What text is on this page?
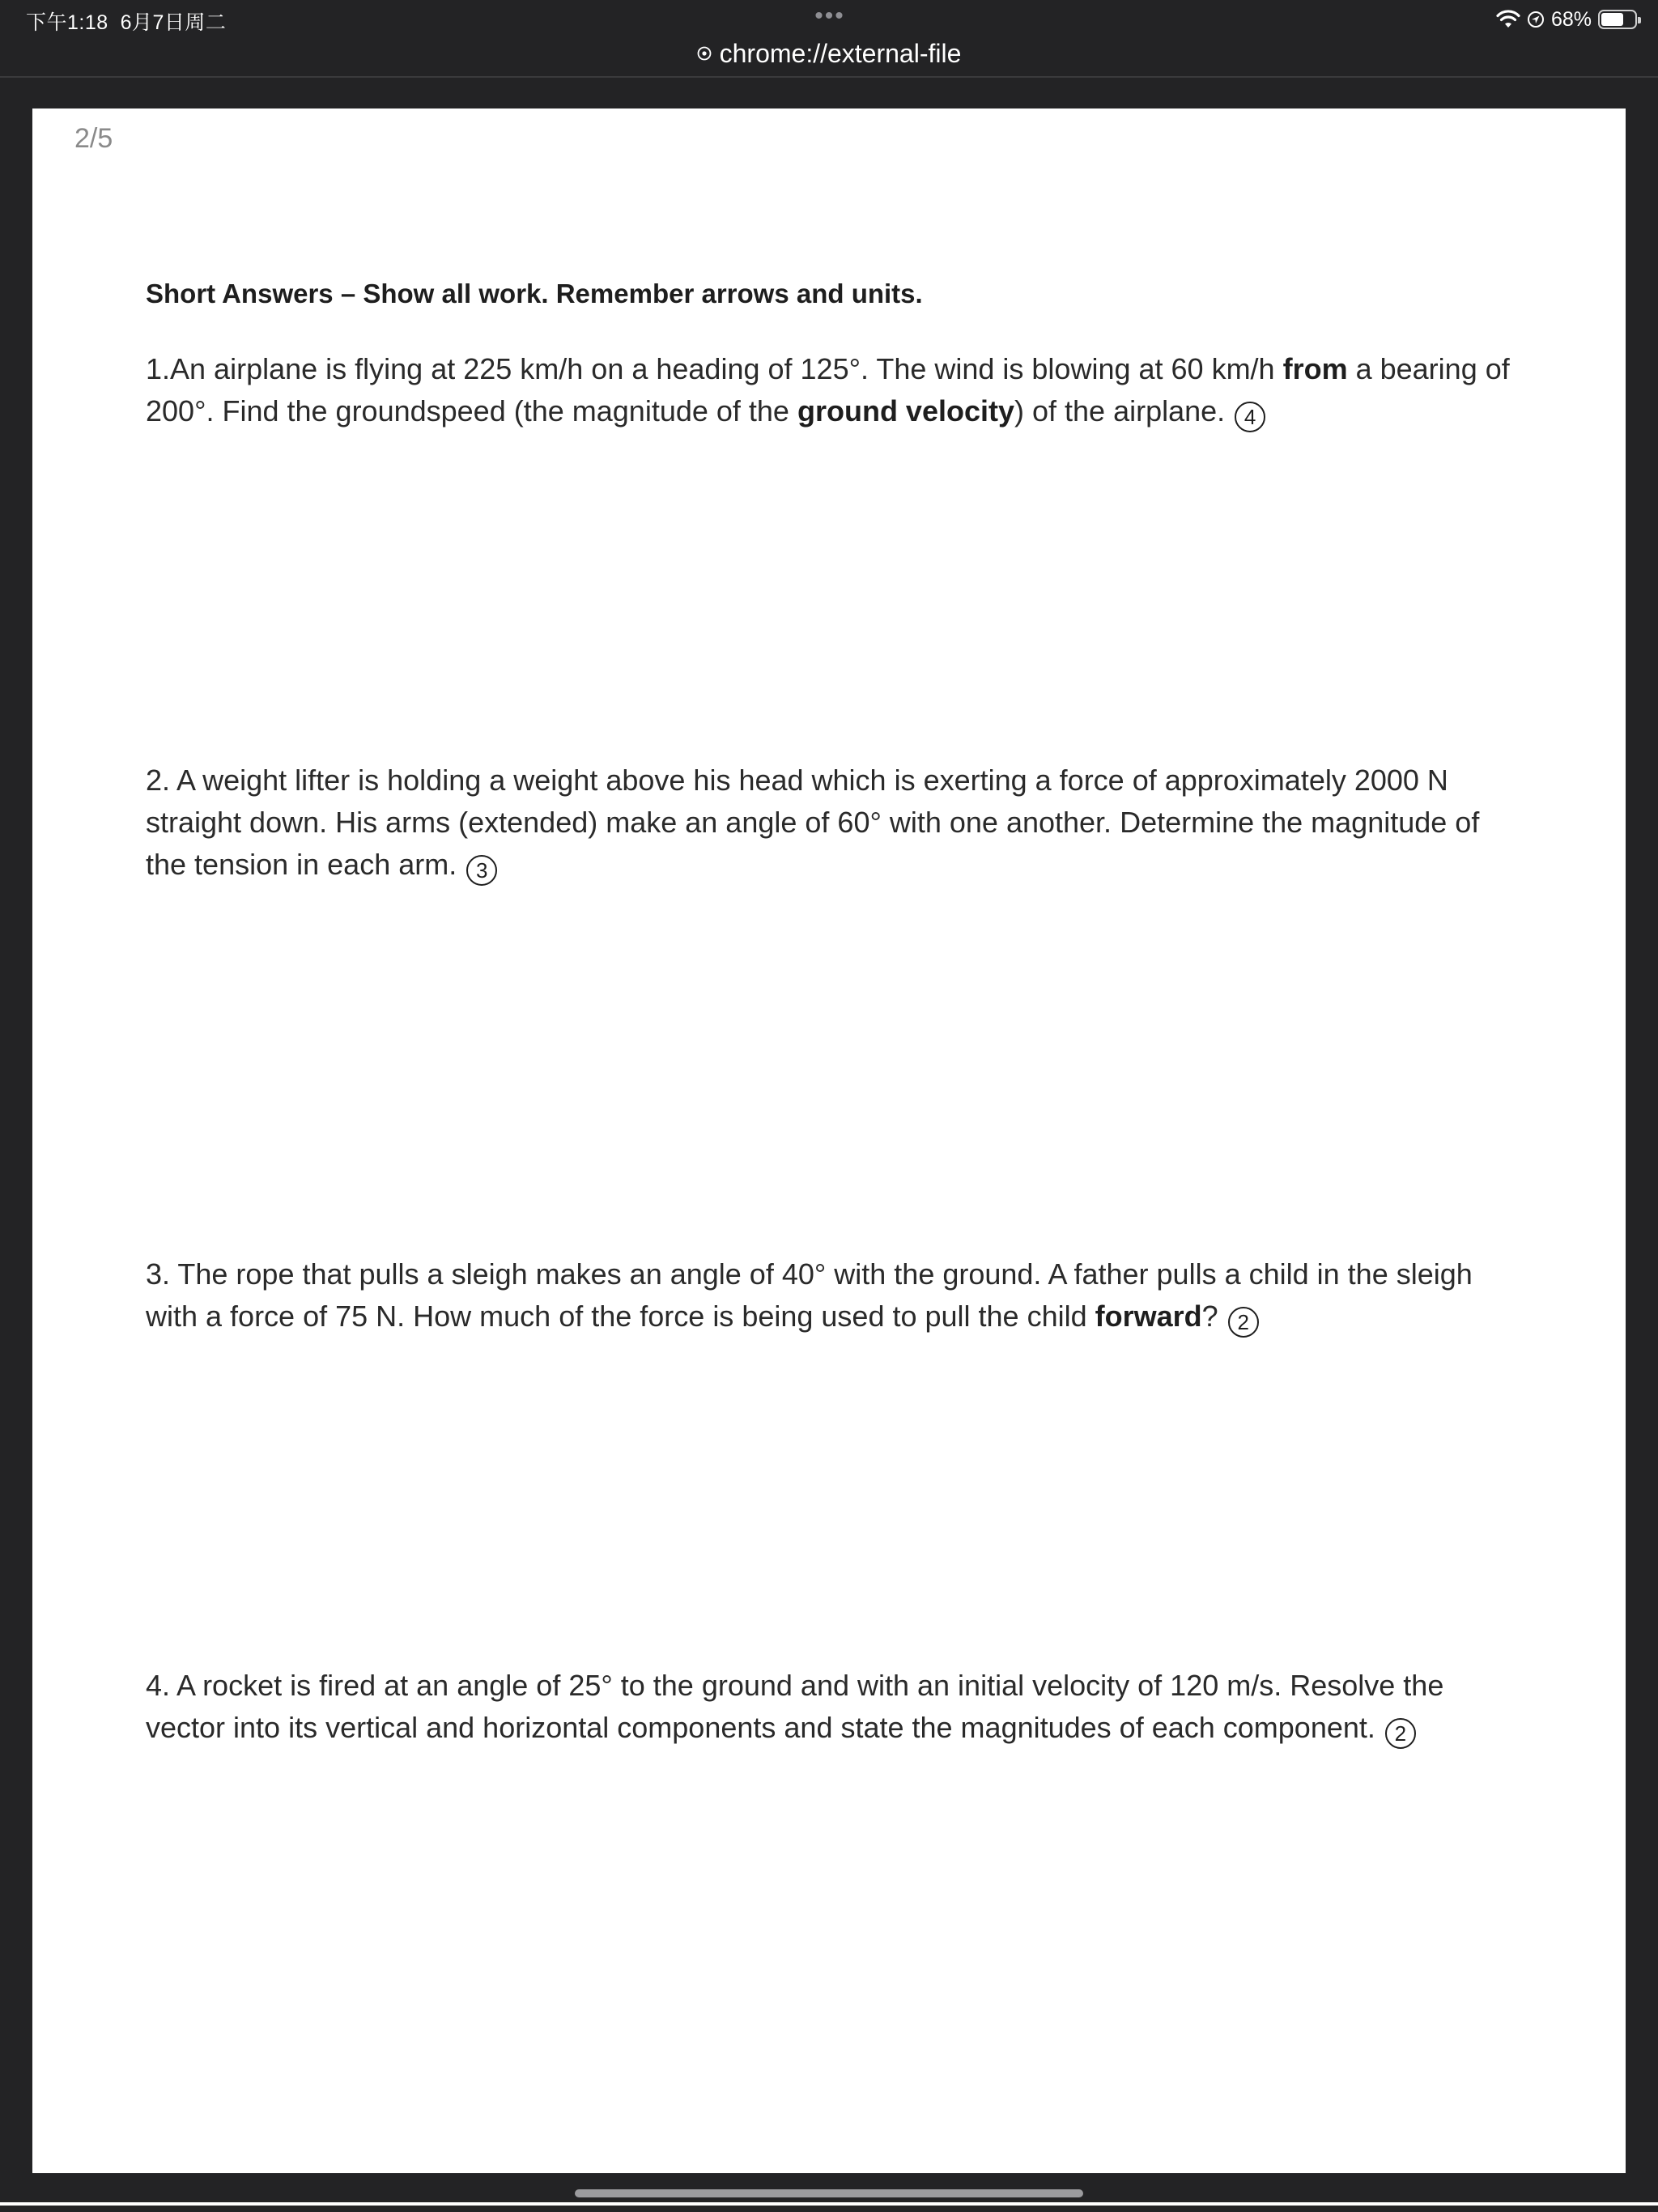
下午1:18 6月7日周二	•••	68%
chrome://external-file
2/5
Short Answers – Show all work. Remember arrows and units.
1.An airplane is flying at 225 km/h on a heading of 125°. The wind is blowing at 60 km/h from a bearing of 200°. Find the groundspeed (the magnitude of the ground velocity) of the airplane. 4
2. A weight lifter is holding a weight above his head which is exerting a force of approximately 2000 N straight down. His arms (extended) make an angle of 60° with one another. Determine the magnitude of the tension in each arm. 3
3. The rope that pulls a sleigh makes an angle of 40° with the ground. A father pulls a child in the sleigh with a force of 75 N. How much of the force is being used to pull the child forward? 2
4. A rocket is fired at an angle of 25° to the ground and with an initial velocity of 120 m/s. Resolve the vector into its vertical and horizontal components and state the magnitudes of each component. 2
